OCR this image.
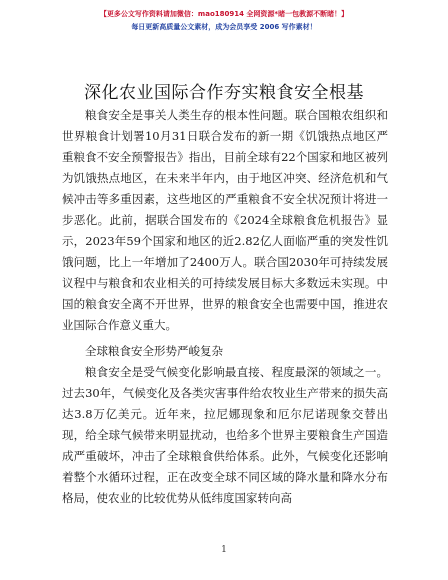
【更多公文写作资料请加微信：mao180914 全网资源*睹一包教源不断睹！】
每日更新高质量公文素材，成为会员享受 2006 写作素材！
深化农业国际合作夯实粮食安全根基
粮食安全是事关人类生存的根本性问题。联合国粮农组织和世界粮食计划署10月31日联合发布的新一期《饥饿热点地区严重粮食不安全预警报告》指出，目前全球有22个国家和地区被列为饥饿热点地区，在未来半年内，由于地区冲突、经济危机和气候冲击等多重因素，这些地区的严重粮食不安全状况预计将进一步恶化。此前，据联合国发布的《2024全球粮食危机报告》显示，2023年59个国家和地区的近2.82亿人面临严重的突发性饥饿问题，比上一年增加了2400万人。联合国2030年可持续发展议程中与粮食和农业相关的可持续发展目标大多数远未实现。中国的粮食安全离不开世界，世界的粮食安全也需要中国，推进农业国际合作意义重大。
全球粮食安全形势严峻复杂
粮食安全是受气候变化影响最直接、程度最深的领域之一。过去30年，气候变化及各类灾害事件给农牧业生产带来的损失高达3.8万亿美元。近年来，拉尼娜现象和厄尔尼诺现象交替出现，给全球气候带来明显扰动，也给多个世界主要粮食生产国造成严重破坏，冲击了全球粮食供给体系。此外，气候变化还影响着整个水循环过程，正在改变全球不同区域的降水量和降水分布格局，使农业的比较优势从低纬度国家转向高
1
